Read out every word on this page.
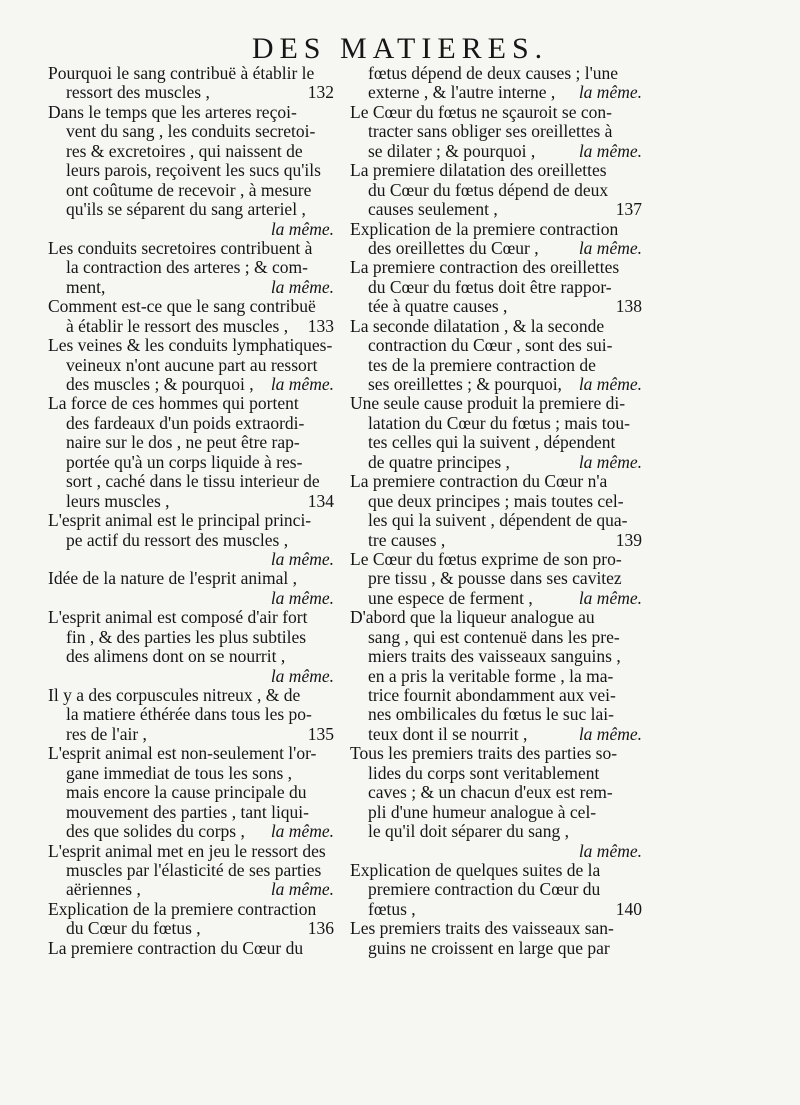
DES MATIERES.
Pourquoi le sang contribuë à établir le
ressort des muscles ,	132
Dans le temps que les arteres reçoi-
vent du sang , les conduits secretoi-
res & excretoires , qui naissent de
leurs parois, reçoivent les sucs qu'ils
ont coûtume de recevoir , à mesure
qu'ils se séparent du sang arteriel ,
la même.
Les conduits secretoires contribuent à
la contraction des arteres ; & com-
ment,	la même.
Comment est-ce que le sang contribuë
à établir le ressort des muscles , 133
Les veines & les conduits lymphatiques-
veineux n'ont aucune part au ressort
des muscles ; & pourquoi , la même.
La force de ces hommes qui portent
des fardeaux d'un poids extraordi-
naire sur le dos , ne peut être rap-
portée qu'à un corps liquide à res-
sort , caché dans le tissu interieur de
leurs muscles ,	134
L'esprit animal est le principal princi-
pe actif du ressort des muscles ,
la même.
Idée de la nature de l'esprit animal ,
la même.
L'esprit animal est composé d'air fort
fin , & des parties les plus subtiles
des alimens dont on se nourrit ,
la même.
Il y a des corpuscules nitreux , & de
la matiere éthérée dans tous les po-
res de l'air ,	135
L'esprit animal est non-seulement l'or-
gane immediat de tous les sons ,
mais encore la cause principale du
mouvement des parties , tant liqui-
des que solides du corps , la même.
L'esprit animal met en jeu le ressort des
muscles par l'élasticité de ses parties
aëriennes ,	la même.
Explication de la premiere contraction
du Cœur du fœtus ,	136
La premiere contraction du Cœur du
fœtus dépend de deux causes ; l'une
externe , & l'autre interne , la même.
Le Cœur du fœtus ne sçauroit se con-
tracter sans obliger ses oreillettes à
se dilater ; & pourquoi , la même.
La premiere dilatation des oreillettes
du Cœur du fœtus dépend de deux
causes seulement ,	137
Explication de la premiere contraction
des oreillettes du Cœur , la même.
La premiere contraction des oreillettes
du Cœur du fœtus doit être rappor-
tée à quatre causes ,	138
La seconde dilatation , & la seconde
contraction du Cœur , sont des sui-
tes de la premiere contraction de
ses oreillettes ; & pourquoi, la même.
Une seule cause produit la premiere di-
latation du Cœur du fœtus ; mais tou-
tes celles qui la suivent , dépendent
de quatre principes ,	la même.
La premiere contraction du Cœur n'a
que deux principes ; mais toutes cel-
les qui la suivent , dépendent de qua-
tre causes ,	139
Le Cœur du fœtus exprime de son pro-
pre tissu , & pousse dans ses cavitez
une espece de ferment ,	la même.
D'abord que la liqueur analogue au
sang , qui est contenuë dans les pre-
miers traits des vaisseaux sanguins ,
en a pris la veritable forme , la ma-
trice fournit abondamment aux vei-
nes ombilicales du fœtus le suc lai-
teux dont il se nourrit ,	la même.
Tous les premiers traits des parties so-
lides du corps sont veritablement
caves ; & un chacun d'eux est rem-
pli d'une humeur analogue à cel-
le qu'il doit séparer du sang ,
la même.
Explication de quelques suites de la
premiere contraction du Cœur du
fœtus ,	140
Les premiers traits des vaisseaux san-
guins ne croissent en large que par
